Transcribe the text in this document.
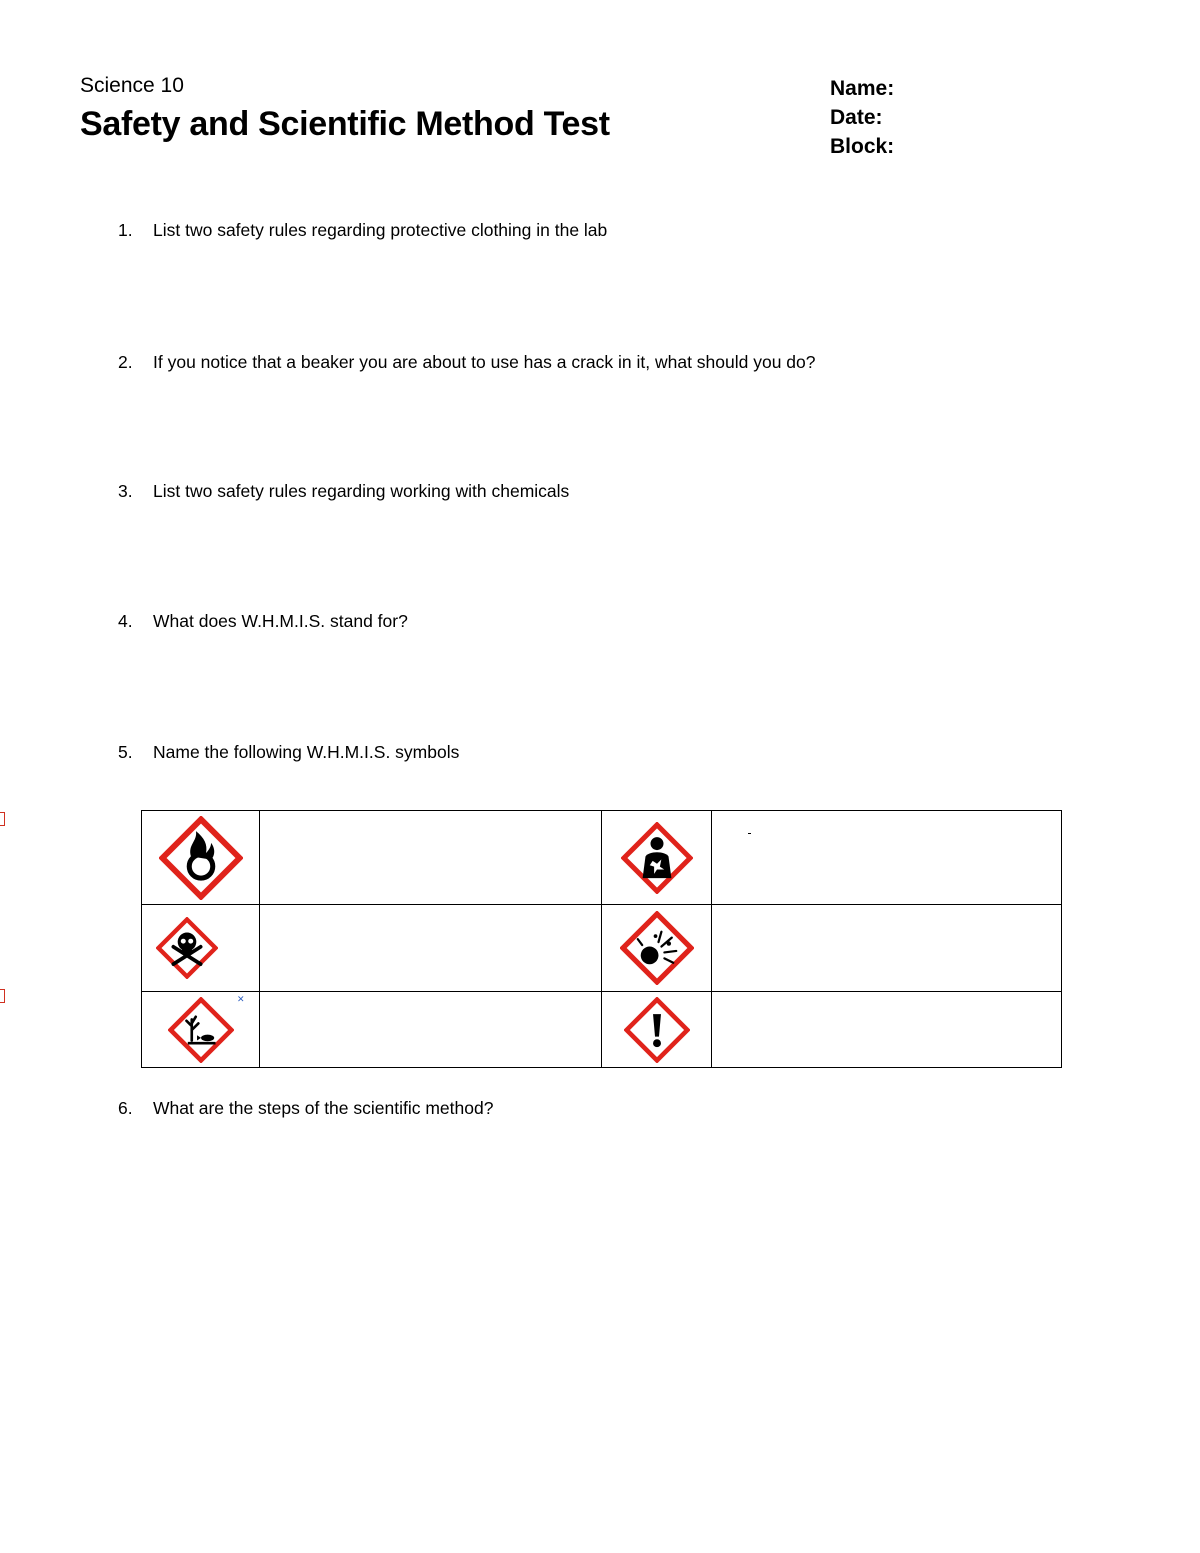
Science 10
Safety and Scientific Method Test
Name:
Date:
Block:
1.	List two safety rules regarding protective clothing in the lab
2.	If you notice that a beaker you are about to use has a crack in it, what should you do?
3.	List two safety rules regarding working with chemicals
4.	What does W.H.M.I.S. stand for?
5.	Name the following W.H.M.I.S. symbols

✕

6.	What are the steps of the scientific method?
